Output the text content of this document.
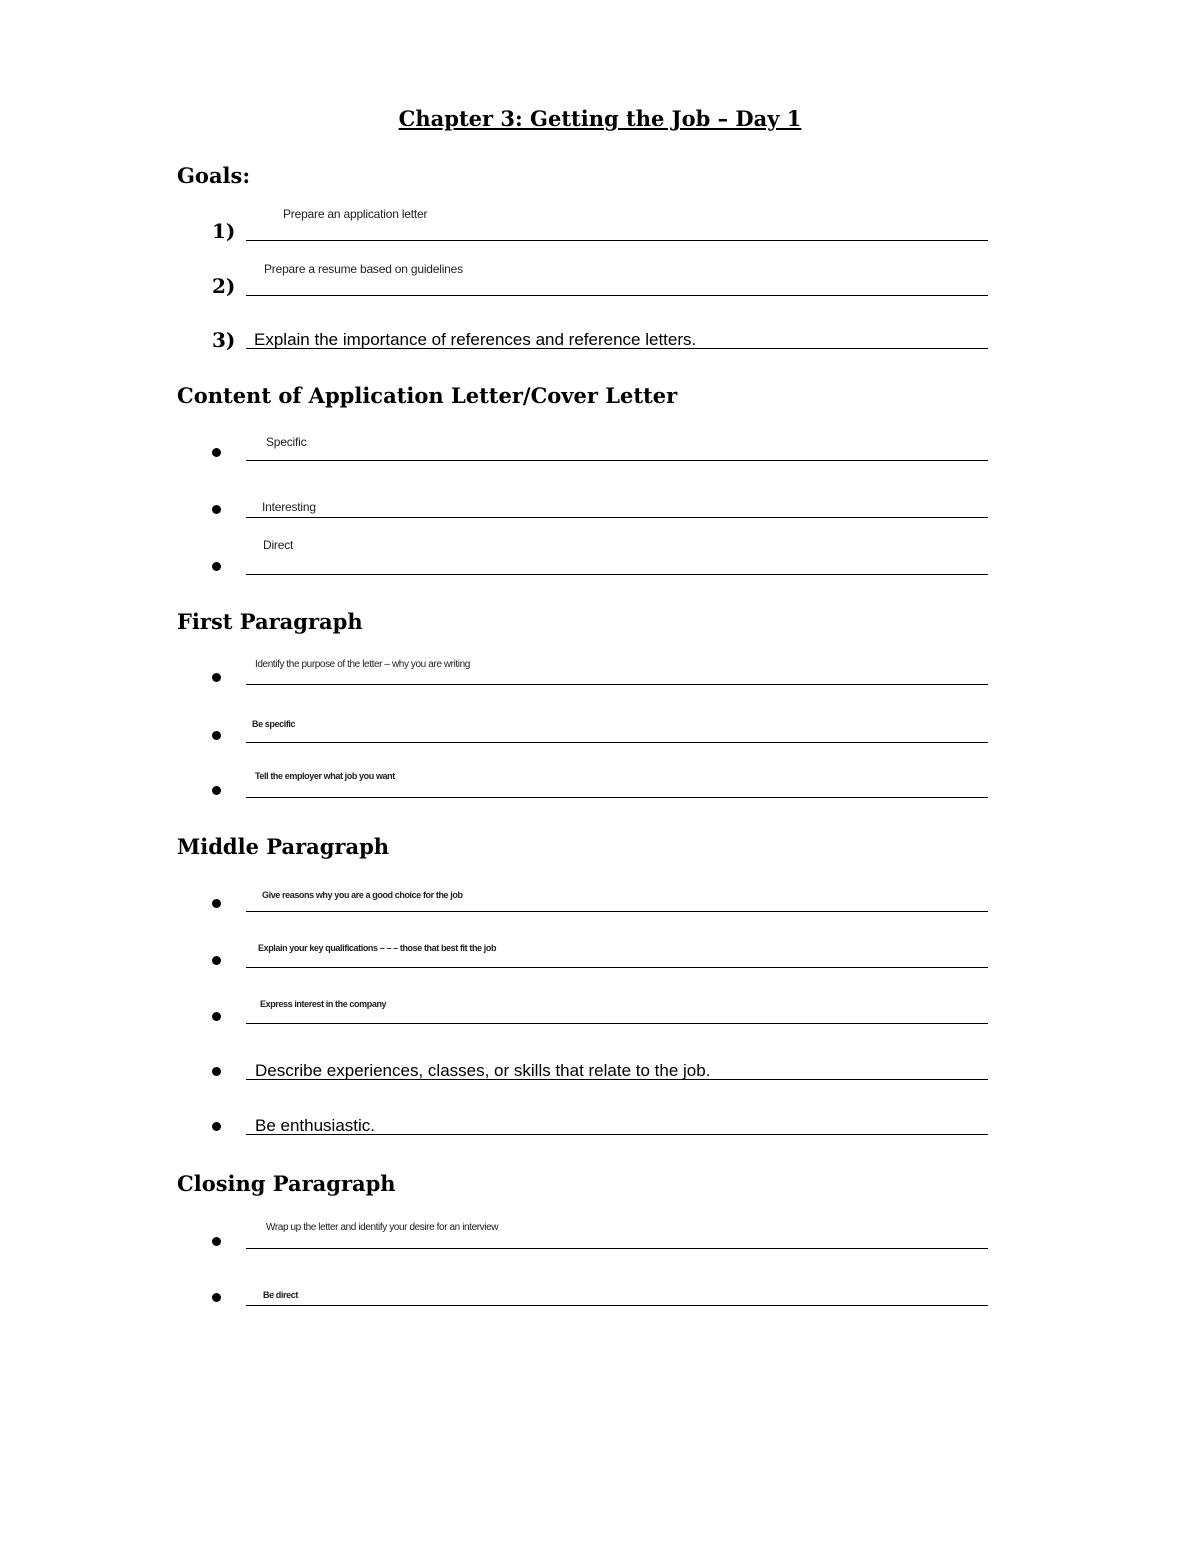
Chapter 3: Getting the Job – Day 1
Goals:
1)
Prepare an application letter
2)
Prepare a resume based on guidelines
3) Explain the importance of references and reference letters.
Content of Application Letter/Cover Letter
Specific
Interesting
Direct
First Paragraph
Identify the purpose of the letter – why you are writing
Be specific
Tell the employer what job you want
Middle Paragraph
Give reasons why you are a good choice for the job
Explain your key qualifications – – – those that best fit the job
Express interest in the company
Describe experiences, classes, or skills that relate to the job.
Be enthusiastic.
Closing Paragraph
Wrap up the letter and identify your desire for an interview
Be direct
